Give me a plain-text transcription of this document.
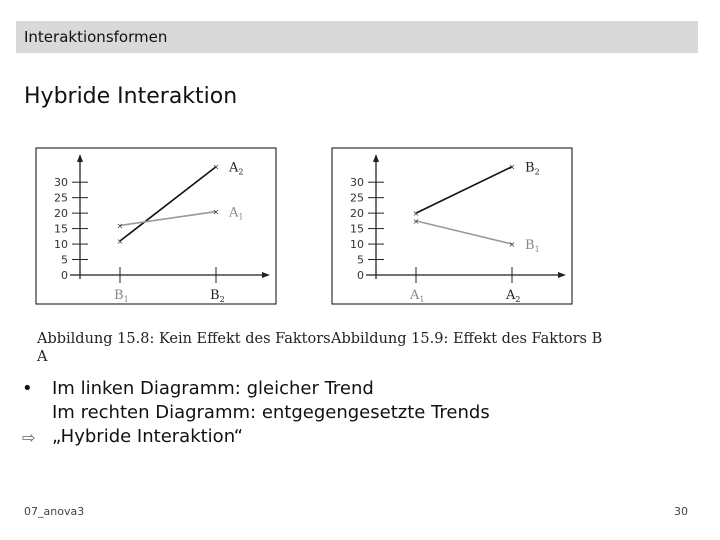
Interaktionsformen
Hybride Interaktion
0
5
10
15
20
25
30
$B_1$	$B_2$
×
× $A_2$
×
× $A_1$
0
5
10
15
20
25
30
$A_1$	$A_2$
×
× $B_2$
×
× $B_1$
Abbildung 15.8: Kein Effekt des Faktors
A
Abbildung 15.9: Effekt des Faktors B
•	Im linken Diagramm: gleicher Trend
Im rechten Diagramm: entgegengesetzte Trends
⇨ „Hybride Interaktion“
07_anova3	30
